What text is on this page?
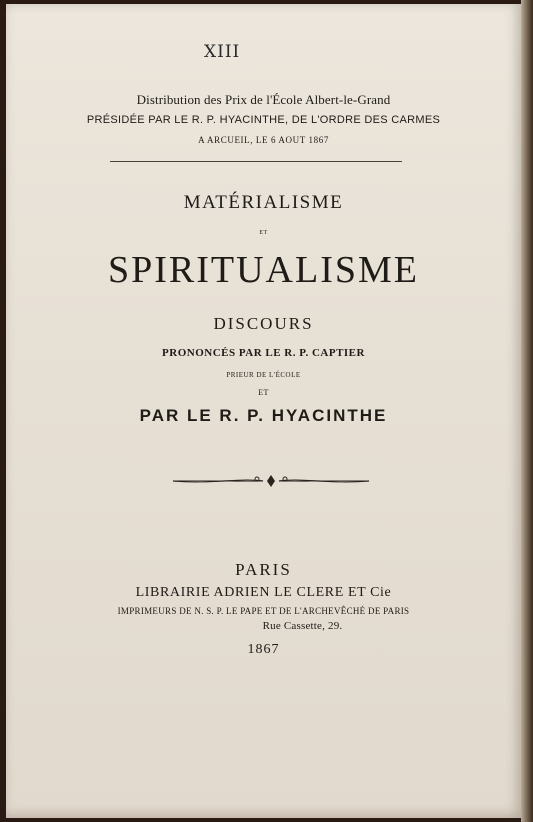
XIII
Distribution des Prix de l'École Albert-le-Grand
PRÉSIDÉE PAR LE R. P. HYACINTHE, DE L'ORDRE DES CARMES
A ARCUEIL, LE 6 AOUT 1867
MATÉRIALISME
ET
SPIRITUALISME
DISCOURS
PRONONCÉS PAR LE R. P. CAPTIER
PRIEUR DE L'ÉCOLE
ET
PAR LE R. P. HYACINTHE
PARIS
LIBRAIRIE ADRIEN LE CLERE ET Cie
IMPRIMEURS DE N. S. P. LE PAPE ET DE L'ARCHEVÊCHÉ DE PARIS
Rue Cassette, 29.
1867
